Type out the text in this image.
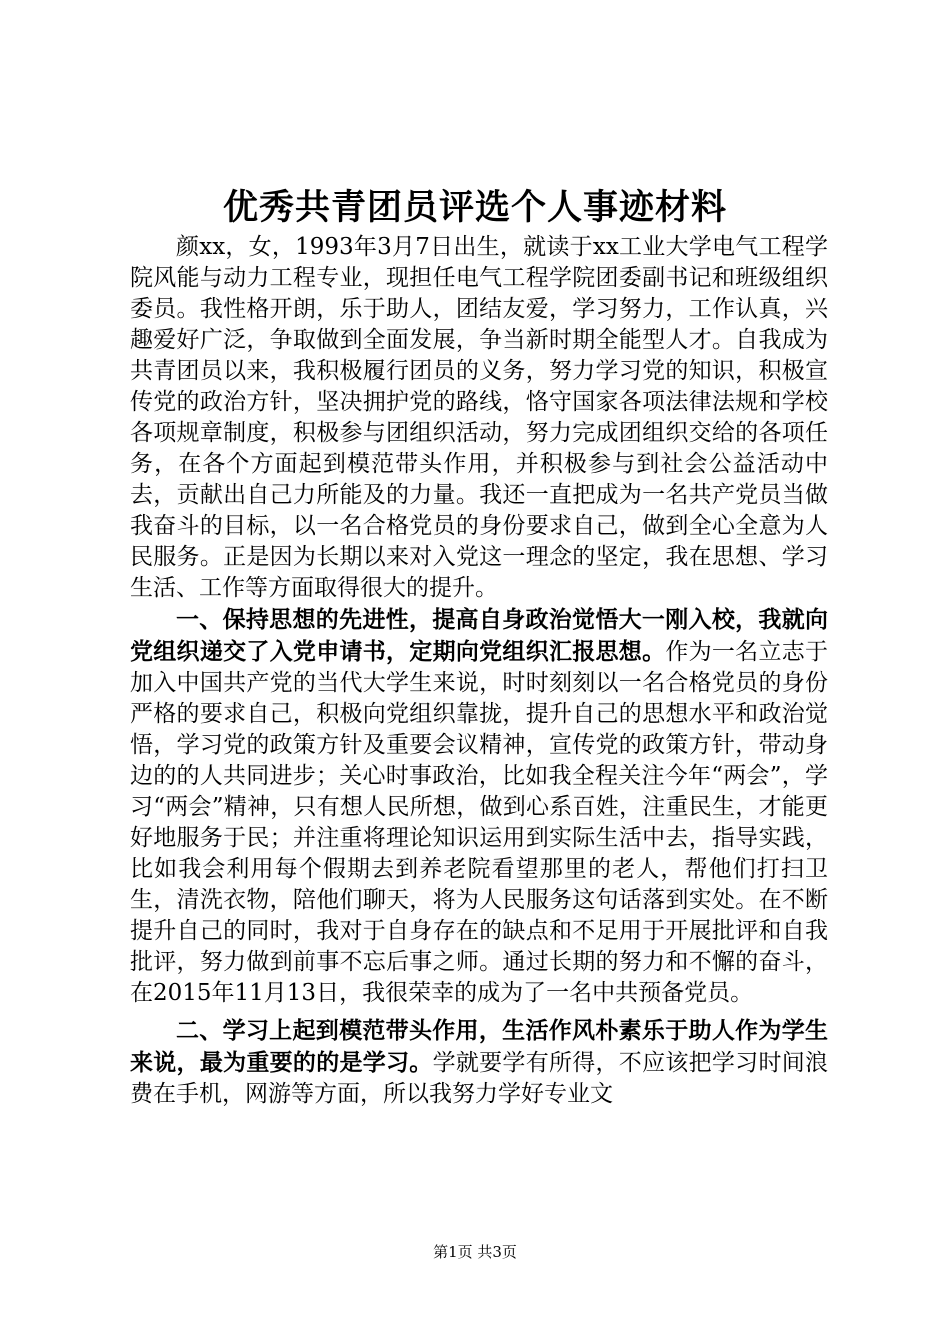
优秀共青团员评选个人事迹材料

颜xx，女，1993年3月7日出生，就读于xx工业大学电气工程学院风能与动力工程专业，现担任电气工程学院团委副书记和班级组织委员。我性格开朗，乐于助人，团结友爱，学习努力，工作认真，兴趣爱好广泛，争取做到全面发展，争当新时期全能型人才。自我成为共青团员以来，我积极履行团员的义务，努力学习党的知识，积极宣传党的政治方针，坚决拥护党的路线，恪守国家各项法律法规和学校各项规章制度，积极参与团组织活动，努力完成团组织交给的各项任务，在各个方面起到模范带头作用，并积极参与到社会公益活动中去，贡献出自己力所能及的力量。我还一直把成为一名共产党员当做我奋斗的目标，以一名合格党员的身份要求自己，做到全心全意为人民服务。正是因为长期以来对入党这一理念的坚定，我在思想、学习生活、工作等方面取得很大的提升。

一、保持思想的先进性，提高自身政治觉悟大一刚入校，我就向党组织递交了入党申请书，定期向党组织汇报思想。作为一名立志于加入中国共产党的当代大学生来说，时时刻刻以一名合格党员的身份严格的要求自己，积极向党组织靠拢，提升自己的思想水平和政治觉悟，学习党的政策方针及重要会议精神，宣传党的政策方针，带动身边的的人共同进步；关心时事政治，比如我全程关注今年“两会”，学习“两会”精神，只有想人民所想，做到心系百姓，注重民生，才能更好地服务于民；并注重将理论知识运用到实际生活中去，指导实践，比如我会利用每个假期去到养老院看望那里的老人，帮他们打扫卫生，清洗衣物，陪他们聊天，将为人民服务这句话落到实处。在不断提升自己的同时，我对于自身存在的缺点和不足用于开展批评和自我批评，努力做到前事不忘后事之师。通过长期的努力和不懈的奋斗，在2015年11月13日，我很荣幸的成为了一名中共预备党员。

二、学习上起到模范带头作用，生活作风朴素乐于助人作为学生来说，最为重要的的是学习。学就要学有所得，不应该把学习时间浪费在手机，网游等方面，所以我努力学好专业文

第1页 共3页
